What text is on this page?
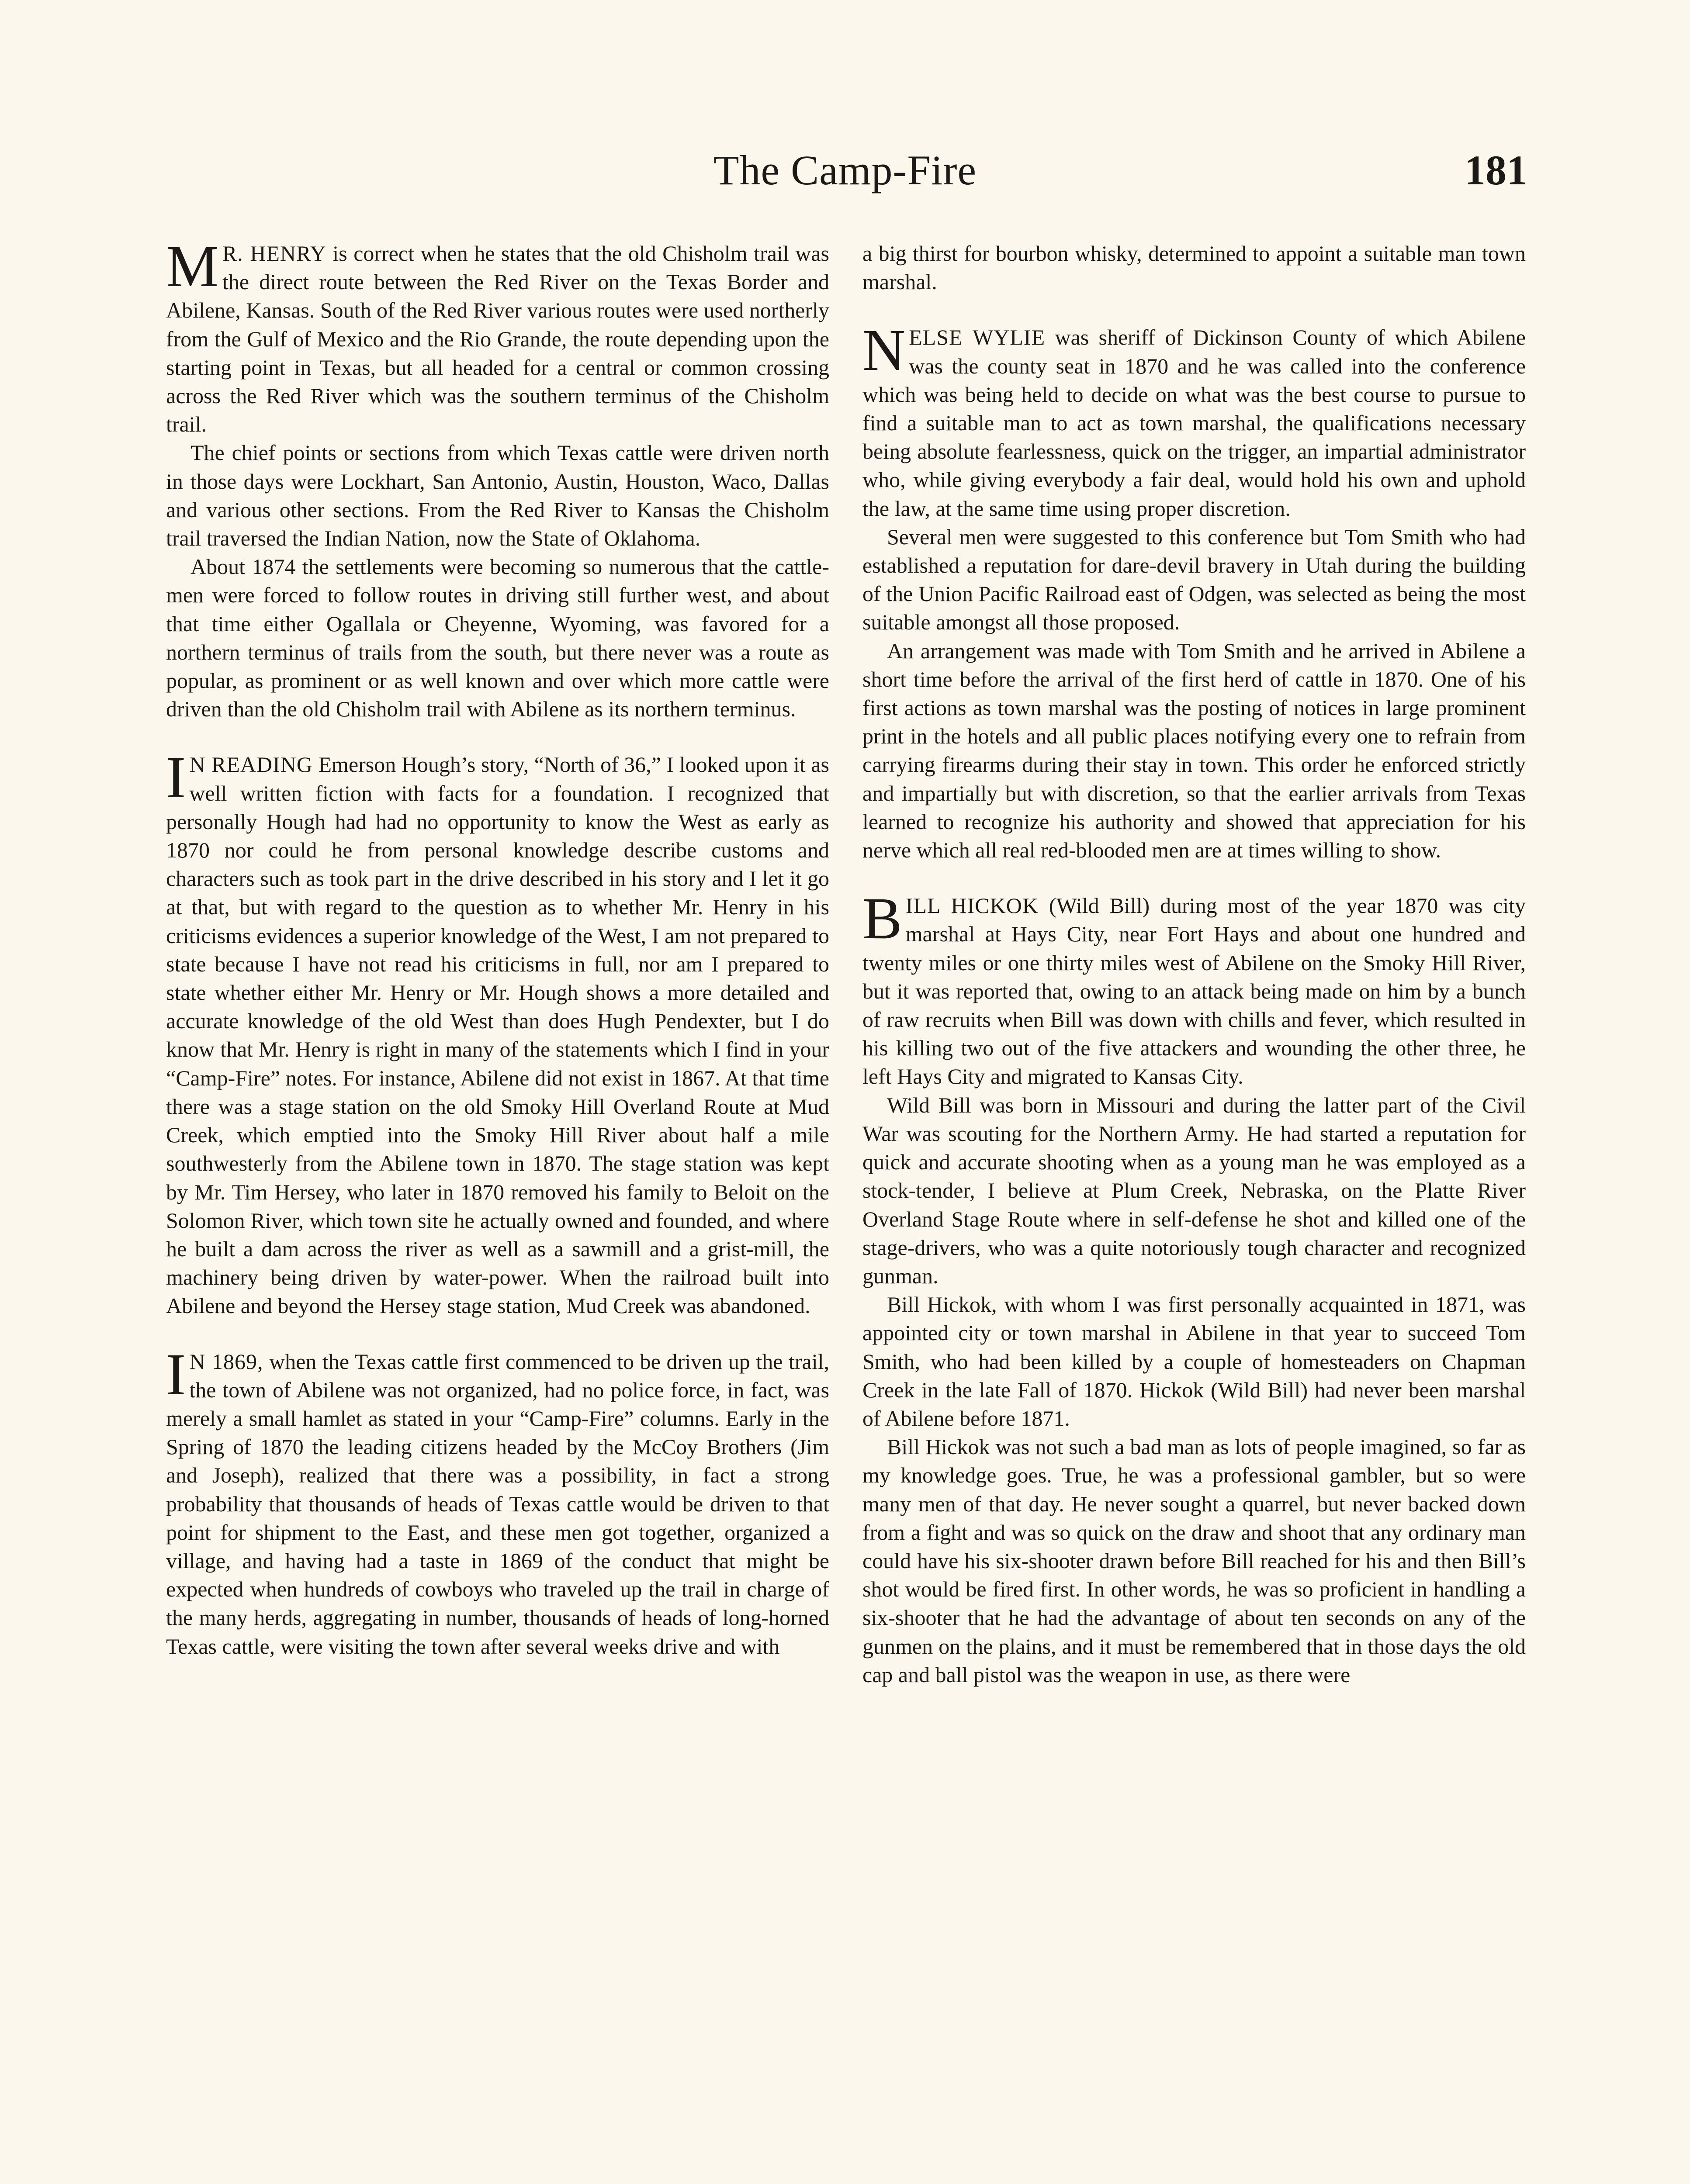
The Camp-Fire	181

M R. HENRY is correct when he states that the old Chisholm trail was the direct route between the Red River on the Texas Border and Abilene, Kansas. South of the Red River various routes were used northerly from the Gulf of Mexico and the Rio Grande, the route depending upon the starting point in Texas, but all headed for a central or common crossing across the Red River which was the southern terminus of the Chisholm trail.

The chief points or sections from which Texas cattle were driven north in those days were Lockhart, San Antonio, Austin, Houston, Waco, Dallas and various other sections. From the Red River to Kansas the Chisholm trail traversed the Indian Nation, now the State of Oklahoma.

About 1874 the settlements were becoming so numerous that the cattle-men were forced to follow routes in driving still further west, and about that time either Ogallala or Cheyenne, Wyoming, was favored for a northern terminus of trails from the south, but there never was a route as popular, as prominent or as well known and over which more cattle were driven than the old Chisholm trail with Abilene as its northern terminus.

I N READING Emerson Hough’s story, “North of 36,” I looked upon it as well written fiction with facts for a foundation. I recognized that personally Hough had had no opportunity to know the West as early as 1870 nor could he from personal knowledge describe customs and characters such as took part in the drive described in his story and I let it go at that, but with regard to the question as to whether Mr. Henry in his criticisms evidences a superior knowledge of the West, I am not prepared to state because I have not read his criticisms in full, nor am I prepared to state whether either Mr. Henry or Mr. Hough shows a more detailed and accurate knowledge of the old West than does Hugh Pendexter, but I do know that Mr. Henry is right in many of the statements which I find in your “Camp-Fire” notes. For instance, Abilene did not exist in 1867. At that time there was a stage station on the old Smoky Hill Overland Route at Mud Creek, which emptied into the Smoky Hill River about half a mile southwesterly from the Abilene town in 1870. The stage station was kept by Mr. Tim Hersey, who later in 1870 removed his family to Beloit on the Solomon River, which town site he actually owned and founded, and where he built a dam across the river as well as a sawmill and a grist-mill, the machinery being driven by water-power. When the railroad built into Abilene and beyond the Hersey stage station, Mud Creek was abandoned.

I N 1869, when the Texas cattle first commenced to be driven up the trail, the town of Abilene was not organized, had no police force, in fact, was merely a small hamlet as stated in your “Camp-Fire” columns. Early in the Spring of 1870 the leading citizens headed by the McCoy Brothers (Jim and Joseph), realized that there was a possibility, in fact a strong probability that thousands of heads of Texas cattle would be driven to that point for shipment to the East, and these men got together, organized a village, and having had a taste in 1869 of the conduct that might be expected when hundreds of cowboys who traveled up the trail in charge of the many herds, aggregating in number, thousands of heads of long-horned Texas cattle, were visiting the town after several weeks drive and with

a big thirst for bourbon whisky, determined to appoint a suitable man town marshal.

NELSE WYLIE was sheriff of Dickinson County of which Abilene was the county seat in 1870 and he was called into the conference which was being held to decide on what was the best course to pursue to find a suitable man to act as town marshal, the qualifications necessary being absolute fearlessness, quick on the trigger, an impartial administrator who, while giving everybody a fair deal, would hold his own and uphold the law, at the same time using proper discretion.

Several men were suggested to this conference but Tom Smith who had established a reputation for dare-devil bravery in Utah during the building of the Union Pacific Railroad east of Odgen, was selected as being the most suitable amongst all those proposed.

An arrangement was made with Tom Smith and he arrived in Abilene a short time before the arrival of the first herd of cattle in 1870. One of his first actions as town marshal was the posting of notices in large prominent print in the hotels and all public places notifying every one to refrain from carrying firearms during their stay in town. This order he enforced strictly and impartially but with discretion, so that the earlier arrivals from Texas learned to recognize his authority and showed that appreciation for his nerve which all real red-blooded men are at times willing to show.

BILL HICKOK (Wild Bill) during most of the year 1870 was city marshal at Hays City, near Fort Hays and about one hundred and twenty miles or one thirty miles west of Abilene on the Smoky Hill River, but it was reported that, owing to an attack being made on him by a bunch of raw recruits when Bill was down with chills and fever, which resulted in his killing two out of the five attackers and wounding the other three, he left Hays City and migrated to Kansas City.

Wild Bill was born in Missouri and during the latter part of the Civil War was scouting for the Northern Army. He had started a reputation for quick and accurate shooting when as a young man he was employed as a stock-tender, I believe at Plum Creek, Nebraska, on the Platte River Overland Stage Route where in self-defense he shot and killed one of the stage-drivers, who was a quite notoriously tough character and recognized gunman.

Bill Hickok, with whom I was first personally acquainted in 1871, was appointed city or town marshal in Abilene in that year to succeed Tom Smith, who had been killed by a couple of homesteaders on Chapman Creek in the late Fall of 1870. Hickok (Wild Bill) had never been marshal of Abilene before 1871.

Bill Hickok was not such a bad man as lots of people imagined, so far as my knowledge goes. True, he was a professional gambler, but so were many men of that day. He never sought a quarrel, but never backed down from a fight and was so quick on the draw and shoot that any ordinary man could have his six-shooter drawn before Bill reached for his and then Bill’s shot would be fired first. In other words, he was so proficient in handling a six-shooter that he had the advantage of about ten seconds on any of the gunmen on the plains, and it must be remembered that in those days the old cap and ball pistol was the weapon in use, as there were
